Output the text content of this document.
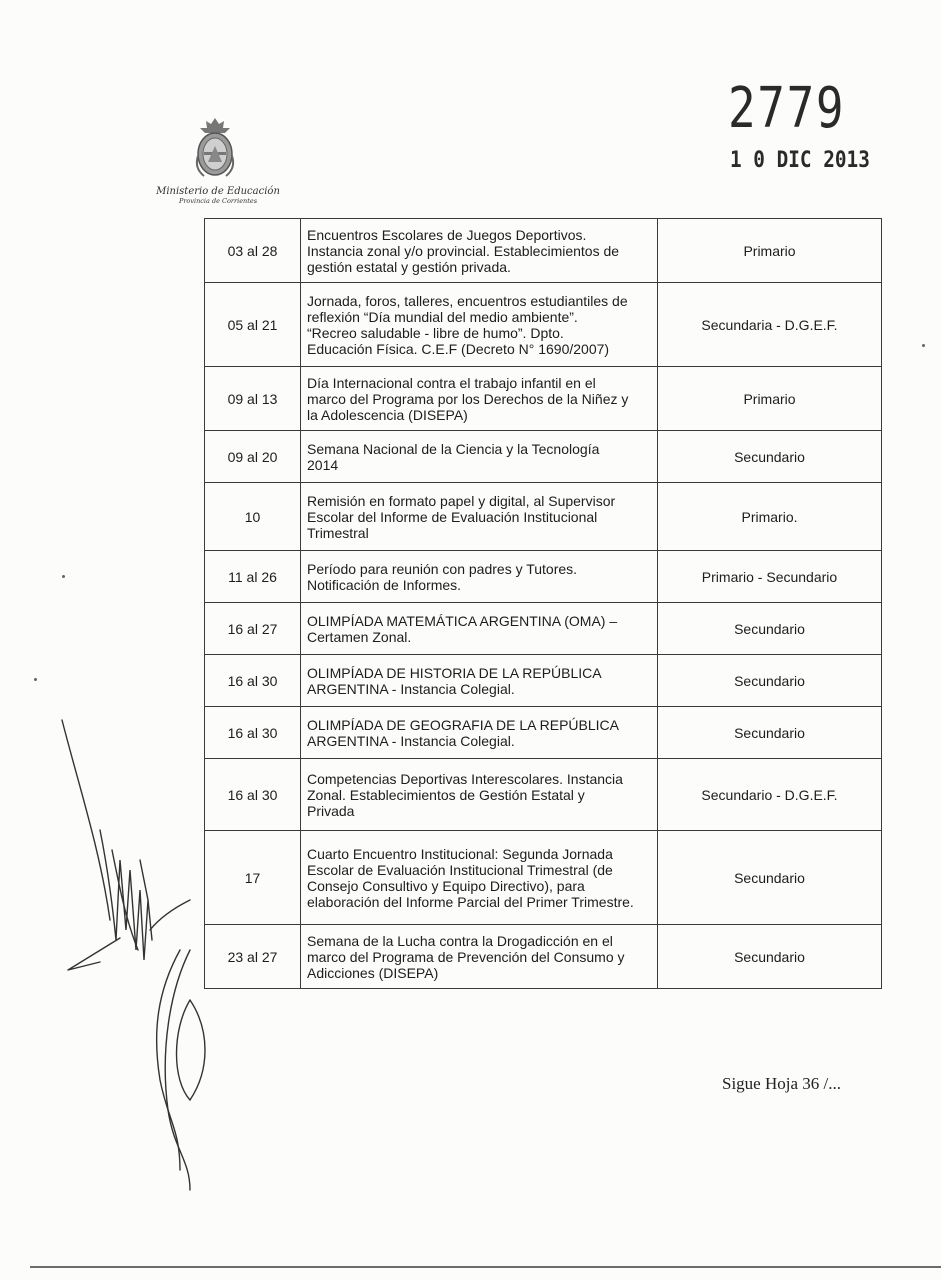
Ministerio de Educación
Provincia de Corrientes
2779
1 0 DIC 2013
03 al 28	Encuentros Escolares de Juegos Deportivos.
Instancia zonal y/o provincial. Establecimientos de
gestión estatal y gestión privada.	Primario
05 al 21	Jornada, foros, talleres, encuentros estudiantiles de
reflexión “Día mundial del medio ambiente”.
“Recreo saludable - libre de humo”. Dpto.
Educación Física. C.E.F (Decreto N° 1690/2007)	Secundaria - D.G.E.F.
09 al 13	Día Internacional contra el trabajo infantil en el
marco del Programa por los Derechos de la Niñez y
la Adolescencia (DISEPA)	Primario
09 al 20	Semana Nacional de la Ciencia y la Tecnología
2014	Secundario
10	Remisión en formato papel y digital, al Supervisor
Escolar del Informe de Evaluación Institucional
Trimestral	Primario.
11 al 26	Período para reunión con padres y Tutores.
Notificación de Informes.	Primario - Secundario
16 al 27	OLIMPÍADA MATEMÁTICA ARGENTINA (OMA) –
Certamen Zonal.	Secundario
16 al 30	OLIMPÍADA DE HISTORIA DE LA REPÚBLICA
ARGENTINA - Instancia Colegial.	Secundario
16 al 30	OLIMPÍADA DE GEOGRAFIA DE LA REPÚBLICA
ARGENTINA - Instancia Colegial.	Secundario
16 al 30	Competencias Deportivas Interescolares. Instancia
Zonal. Establecimientos de Gestión Estatal y
Privada	Secundario - D.G.E.F.
17	Cuarto Encuentro Institucional: Segunda Jornada
Escolar de Evaluación Institucional Trimestral (de
Consejo Consultivo y Equipo Directivo), para
elaboración del Informe Parcial del Primer Trimestre.	Secundario
23 al 27	Semana de la Lucha contra la Drogadicción en el
marco del Programa de Prevención del Consumo y
Adicciones (DISEPA)	Secundario
Sigue Hoja 36 /...
